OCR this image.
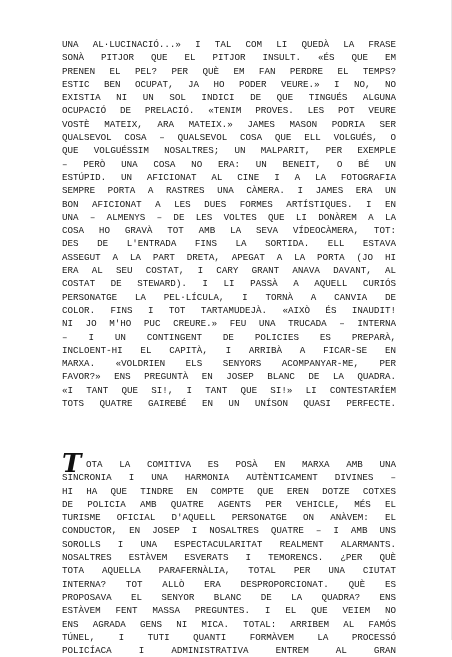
UNA AL·LUCINACIÓ...» I TAL COM LI QUEDÀ LA FRASE
SONÀ PITJOR QUE EL PITJOR INSULT. «ÉS QUE EM
PRENEN EL PEL? PER QUÈ EM FAN PERDRE EL TEMPS?
ESTIC BEN OCUPAT, JA HO PODER VEURE.» I NO, NO
EXISTIA NI UN SOL INDICI DE QUE TINGUÉS ALGUNA
OCUPACIÓ DE PRELACIÓ. «TENIM PROVES. LES POT VEURE
VOSTÈ MATEIX, ARA MATEIX.» JAMES MASON PODRIA SER
QUALSEVOL COSA – QUALSEVOL COSA QUE ELL VOLGUÉS, O
QUE VOLGUÉSSIM NOSALTRES; UN MALPARIT, PER EXEMPLE
– PERÒ UNA COSA NO ERA: UN BENEIT, O BÉ UN
ESTÚPID. UN AFICIONAT AL CINE I A LA FOTOGRAFIA
SEMPRE PORTA A RASTRES UNA CÀMERA. I JAMES ERA UN
BON AFICIONAT A LES DUES FORMES ARTÍSTIQUES. I EN
UNA – ALMENYS – DE LES VOLTES QUE LI DONÀREM A LA
COSA HO GRAVÀ TOT AMB LA SEVA VÍDEOCÀMERA, TOT:
DES DE L'ENTRADA FINS LA SORTIDA. ELL ESTAVA
ASSEGUT A LA PART DRETA, APEGAT A LA PORTA (JO HI
ERA AL SEU COSTAT, I CARY GRANT ANAVA DAVANT, AL
COSTAT DE STEWARD). I LI PASSÀ A AQUELL CURIÓS
PERSONATGE LA PEL·LÍCULA, I TORNÀ A CANVIA DE
COLOR. FINS I TOT TARTAMUDEJÀ. «AIXÒ ÉS INAUDIT!
NI JO M'HO PUC CREURE.» FEU UNA TRUCADA – INTERNA
– I UN CONTINGENT DE POLICIES ES PREPARÀ,
INCLOENT-HI EL CAPITÀ, I ARRIBÀ A FICAR-SE EN
MARXA. «VOLDRIEN ELS SENYORS ACOMPANYAR-ME, PER
FAVOR?» ENS PREGUNTÀ EN JOSEP BLANC DE LA QUADRA.
«I TANT QUE SI!, I TANT QUE SI!» LI CONTESTARÍEM
TOTS QUATRE GAIREBÉ EN UN UNÍSON QUASI PERFECTE.
T OTA LA COMITIVA ES POSÀ EN MARXA AMB UNA
SINCRONIA I UNA HARMONIA AUTÈNTICAMENT DIVINES –
HI HA QUE TINDRE EN COMPTE QUE EREN DOTZE COTXES
DE POLICIA AMB QUATRE AGENTS PER VEHICLE, MÉS EL
TURISME OFICIAL D'AQUELL PERSONATGE ON ANÀVEM: EL
CONDUCTOR, EN JOSEP I NOSALTRES QUATRE – I AMB UNS
SOROLLS I UNA ESPECTACULARITAT REALMENT ALARMANTS.
NOSALTRES ESTÀVEM ESVERATS I TEMORENCS. ¿PER QUÈ
TOTA AQUELLA PARAFERNÀLIA, TOTAL PER UNA CIUTAT
INTERNA? TOT ALLÒ ERA DESPROPORCIONAT. QUÈ ES
PROPOSAVA EL SENYOR BLANC DE LA QUADRA? ENS
ESTÀVEM FENT MASSA PREGUNTES. I EL QUE VEIEM NO
ENS AGRADA GENS NI MICA. TOTAL: ARRIBEM AL FAMÓS
TÚNEL, I TUTI QUANTI FORMÀVEM LA PROCESSÓ
POLICÍACA I ADMINISTRATIVA ENTREM AL GRAN
